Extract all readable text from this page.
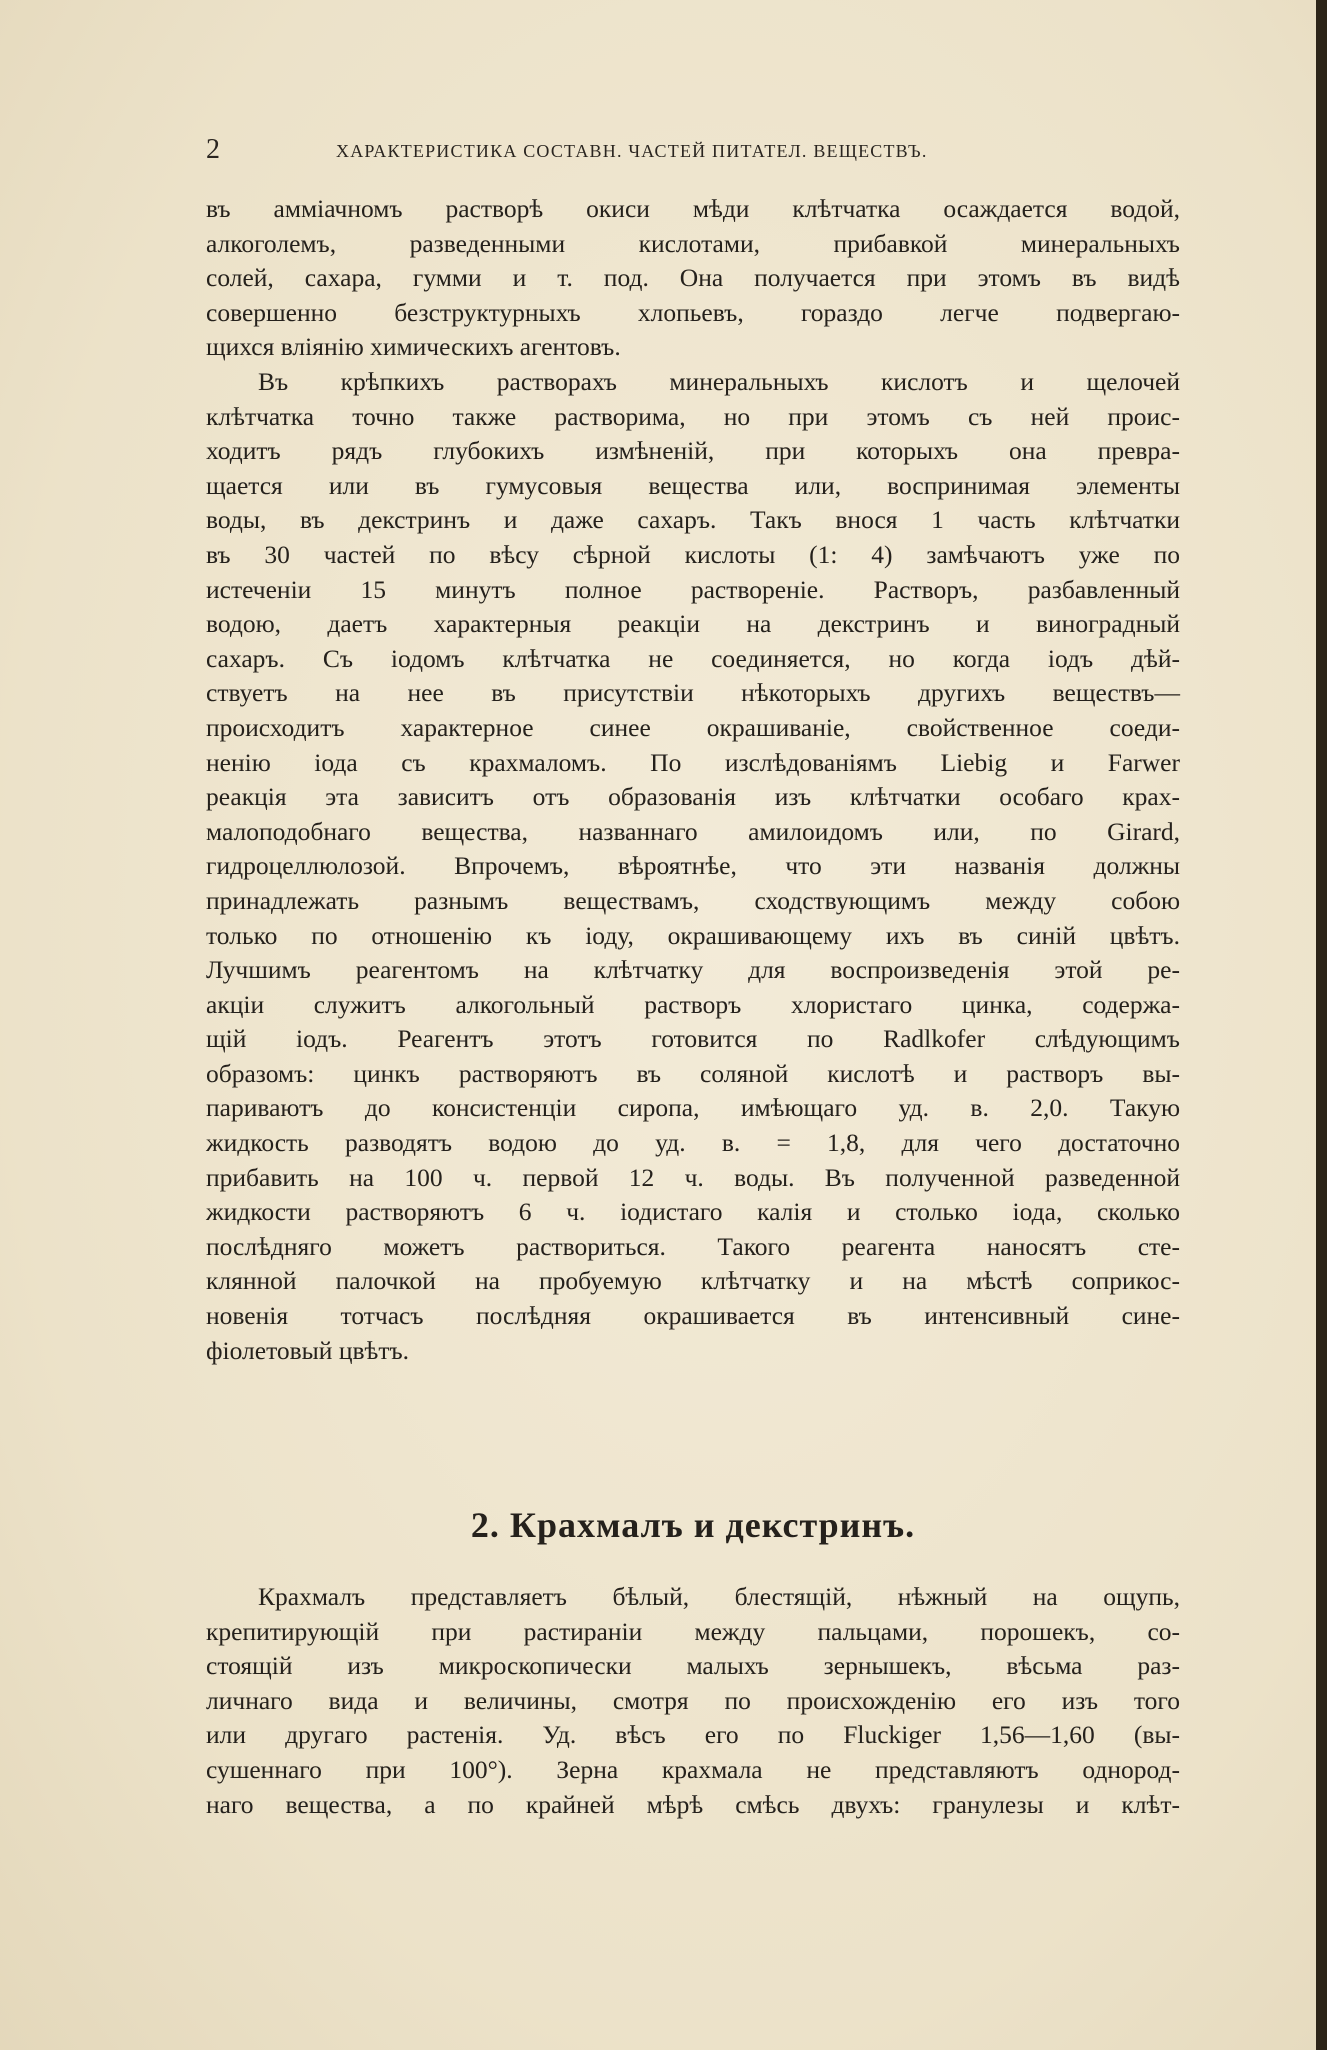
2	ХАРАКТЕРИСТИКА СОСТАВН. ЧАСТЕЙ ПИТАТЕЛ. ВЕЩЕСТВЪ.
въ амміачномъ растворѣ окиси мѣди клѣтчатка осаждается водой,
алкоголемъ, разведенными кислотами, прибавкой минеральныхъ
солей, сахара, гумми и т. под. Она получается при этомъ въ видѣ
совершенно безструктурныхъ хлопьевъ, гораздо легче подвергаю-
щихся вліянію химическихъ агентовъ.
Въ крѣпкихъ растворахъ минеральныхъ кислотъ и щелочей
клѣтчатка точно также растворима, но при этомъ съ ней проис-
ходитъ рядъ глубокихъ измѣненій, при которыхъ она превра-
щается или въ гумусовыя вещества или, воспринимая элементы
воды, въ декстринъ и даже сахаръ. Такъ внося 1 часть клѣтчатки
въ 30 частей по вѣсу сѣрной кислоты (1: 4) замѣчаютъ уже по
истеченіи 15 минутъ полное раствореніе. Растворъ, разбавленный
водою, даетъ характерныя реакціи на декстринъ и виноградный
сахаръ. Съ іодомъ клѣтчатка не соединяется, но когда іодъ дѣй-
ствуетъ на нее въ присутствіи нѣкоторыхъ другихъ веществъ—
происходитъ характерное синее окрашиваніе, свойственное соеди-
ненію іода съ крахмаломъ. По изслѣдованіямъ Liebig и Farwer
реакція эта зависитъ отъ образованія изъ клѣтчатки особаго крах-
малоподобнаго вещества, названнаго амилоидомъ или, по Girard,
гидроцеллюлозой. Впрочемъ, вѣроятнѣе, что эти названія должны
принадлежать разнымъ веществамъ, сходствующимъ между собою
только по отношенію къ іоду, окрашивающему ихъ въ синій цвѣтъ.
Лучшимъ реагентомъ на клѣтчатку для воспроизведенія этой ре-
акціи служитъ алкогольный растворъ хлористаго цинка, содержа-
щій іодъ. Реагентъ этотъ готовится по Radlkofer слѣдующимъ
образомъ: цинкъ растворяютъ въ соляной кислотѣ и растворъ вы-
париваютъ до консистенціи сиропа, имѣющаго уд. в. 2,0. Такую
жидкость разводятъ водою до уд. в. = 1,8, для чего достаточно
прибавить на 100 ч. первой 12 ч. воды. Въ полученной разведенной
жидкости растворяютъ 6 ч. іодистаго калія и столько іода, сколько
послѣдняго можетъ раствориться. Такого реагента наносятъ сте-
клянной палочкой на пробуемую клѣтчатку и на мѣстѣ соприкос-
новенія тотчасъ послѣдняя окрашивается въ интенсивный сине-
фіолетовый цвѣтъ.
2. Крахмалъ и декстринъ.
Крахмалъ представляетъ бѣлый, блестящій, нѣжный на ощупь,
крепитирующій при растираніи между пальцами, порошекъ, со-
стоящій изъ микроскопически малыхъ зернышекъ, вѣсьма раз-
личнаго вида и величины, смотря по происхожденію его изъ того
или другаго растенія. Уд. вѣсъ его по Fluckiger 1,56—1,60 (вы-
сушеннаго при 100°). Зерна крахмала не представляютъ однород-
наго вещества, а по крайней мѣрѣ смѣсь двухъ: гранулезы и клѣт-
